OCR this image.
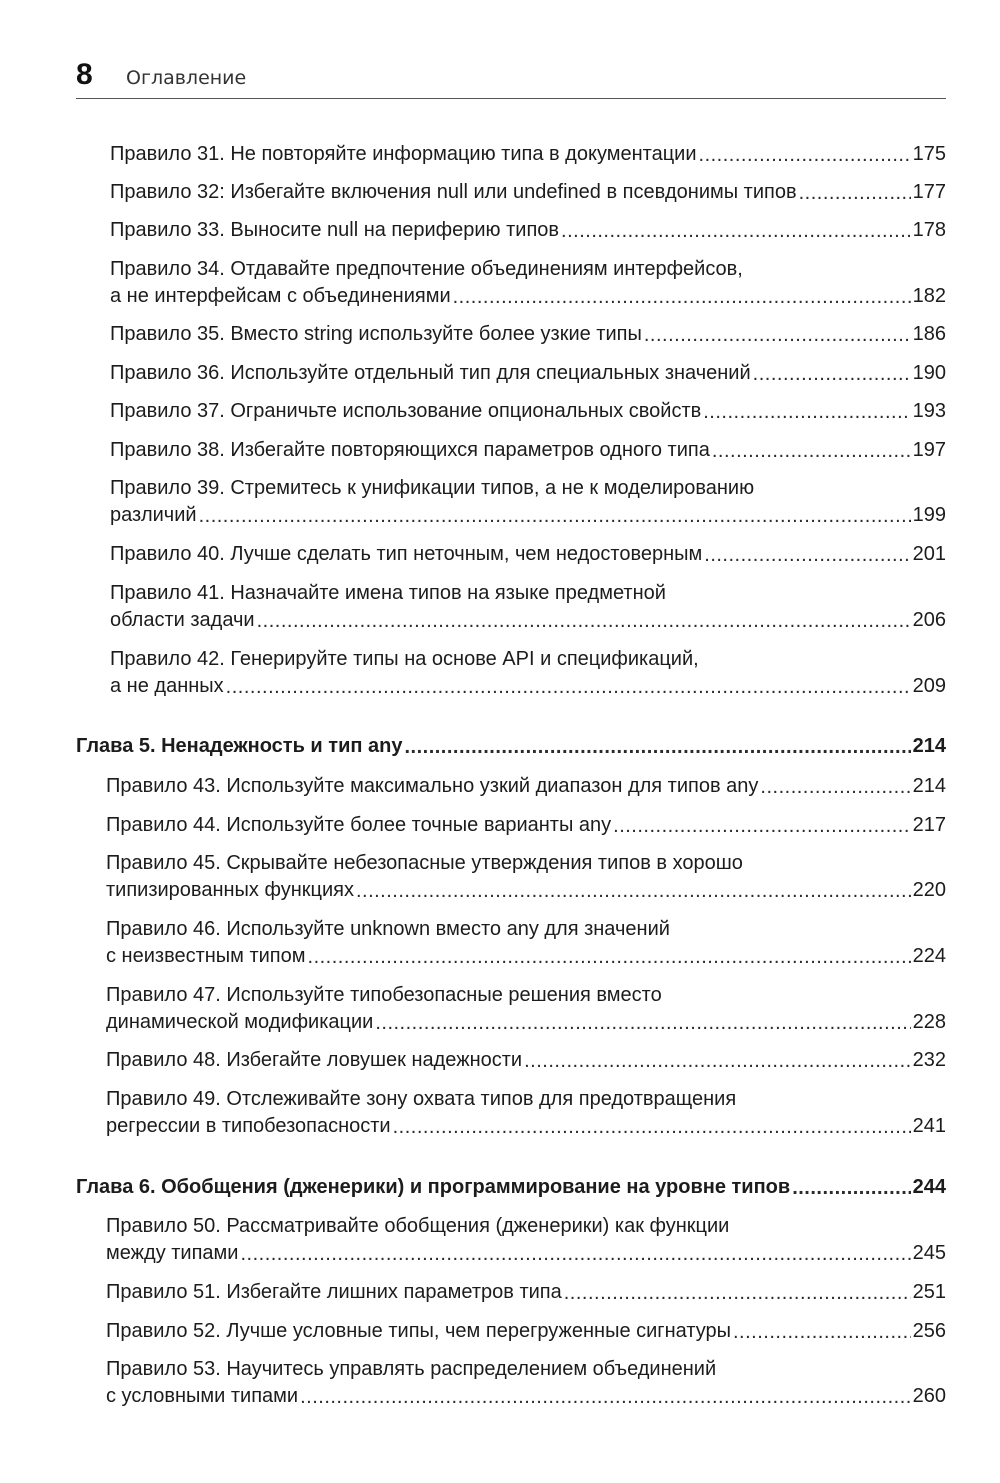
8 Оглавление
Правило 31. Не повторяйте информацию типа в документации .....	175
Правило 32: Избегайте включения null или undefined в псевдонимы типов .....	177
Правило 33. Выносите null на периферию типов .....	178
Правило 34. Отдавайте предпочтение объединениям интерфейсов,
а не интерфейсам с объединениями .....	182
Правило 35. Вместо string используйте более узкие типы .....	186
Правило 36. Используйте отдельный тип для специальных значений .....	190
Правило 37. Ограничьте использование опциональных свойств .....	193
Правило 38. Избегайте повторяющихся параметров одного типа .....	197
Правило 39. Стремитесь к унификации типов, а не к моделированию
различий .....	199
Правило 40. Лучше сделать тип неточным, чем недостоверным .....	201
Правило 41. Назначайте имена типов на языке предметной
области задачи .....	206
Правило 42. Генерируйте типы на основе API и спецификаций,
а не данных .....	209
Глава 5. Ненадежность и тип any .....	214
Правило 43. Используйте максимально узкий диапазон для типов any .....	214
Правило 44. Используйте более точные варианты any .....	217
Правило 45. Скрывайте небезопасные утверждения типов в хорошо
типизированных функциях .....	220
Правило 46. Используйте unknown вместо any для значений
с неизвестным типом .....	224
Правило 47. Используйте типобезопасные решения вместо
динамической модификации .....	228
Правило 48. Избегайте ловушек надежности .....	232
Правило 49. Отслеживайте зону охвата типов для предотвращения
регрессии в типобезопасности .....	241
Глава 6. Обобщения (дженерики) и программирование на уровне типов .....	244
Правило 50. Рассматривайте обобщения (дженерики) как функции
между типами .....	245
Правило 51. Избегайте лишних параметров типа .....	251
Правило 52. Лучше условные типы, чем перегруженные сигнатуры .....	256
Правило 53. Научитесь управлять распределением объединений
с условными типами .....	260
